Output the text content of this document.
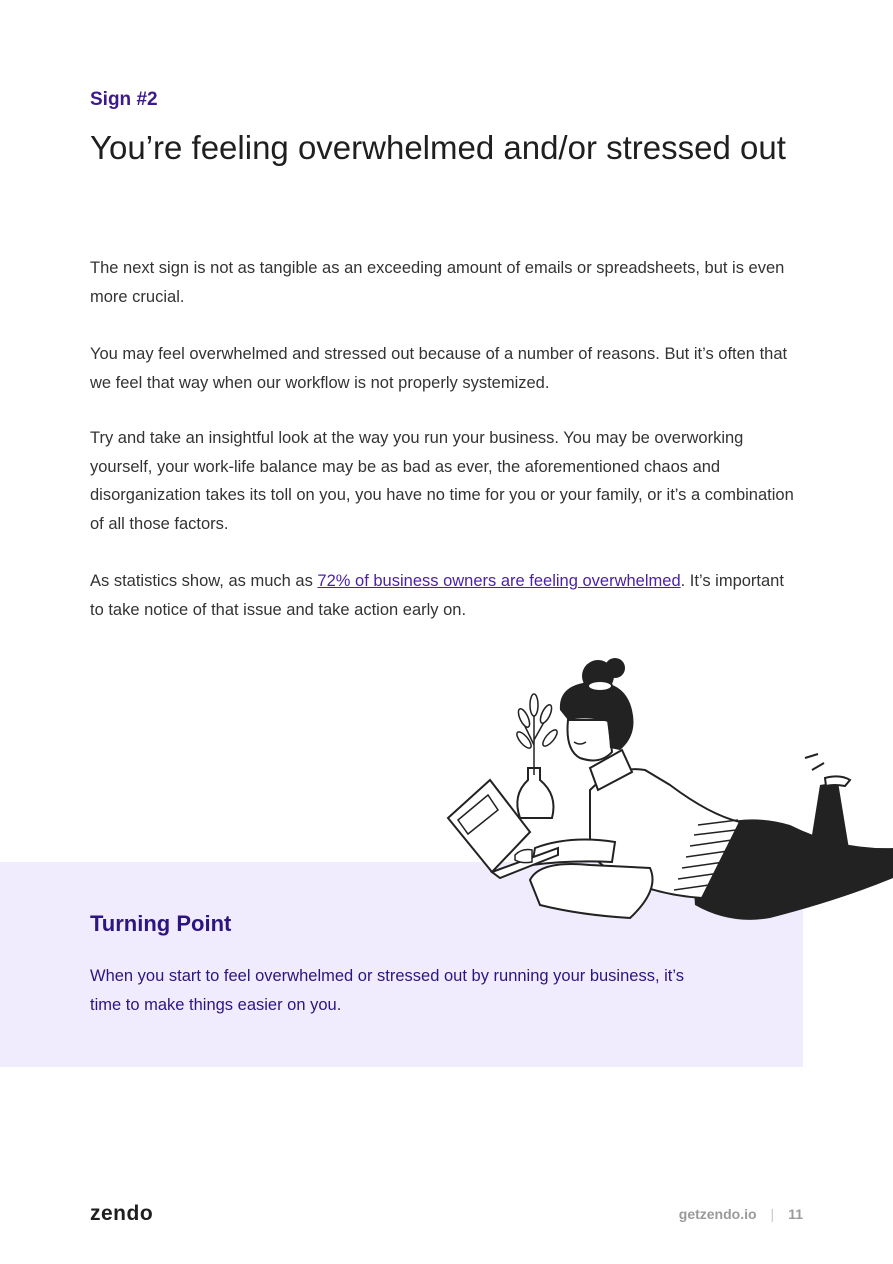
Sign #2
You’re feeling overwhelmed and/or stressed out

The next sign is not as tangible as an exceeding amount of emails or spreadsheets, but is even more crucial.

You may feel overwhelmed and stressed out because of a number of reasons. But it’s often that we feel that way when our workflow is not properly systemized.

Try and take an insightful look at the way you run your business. You may be overworking yourself, your work-life balance may be as bad as ever, the aforementioned chaos and disorganization takes its toll on you, you have no time for you or your family, or it’s a combination of all those factors.

As statistics show, as much as 72% of business owners are feeling overwhelmed. It’s important to take notice of that issue and take action early on.

Turning Point

When you start to feel overwhelmed or stressed out by running your business, it’s time to make things easier on you.

zendo	getzendo.io | 11
